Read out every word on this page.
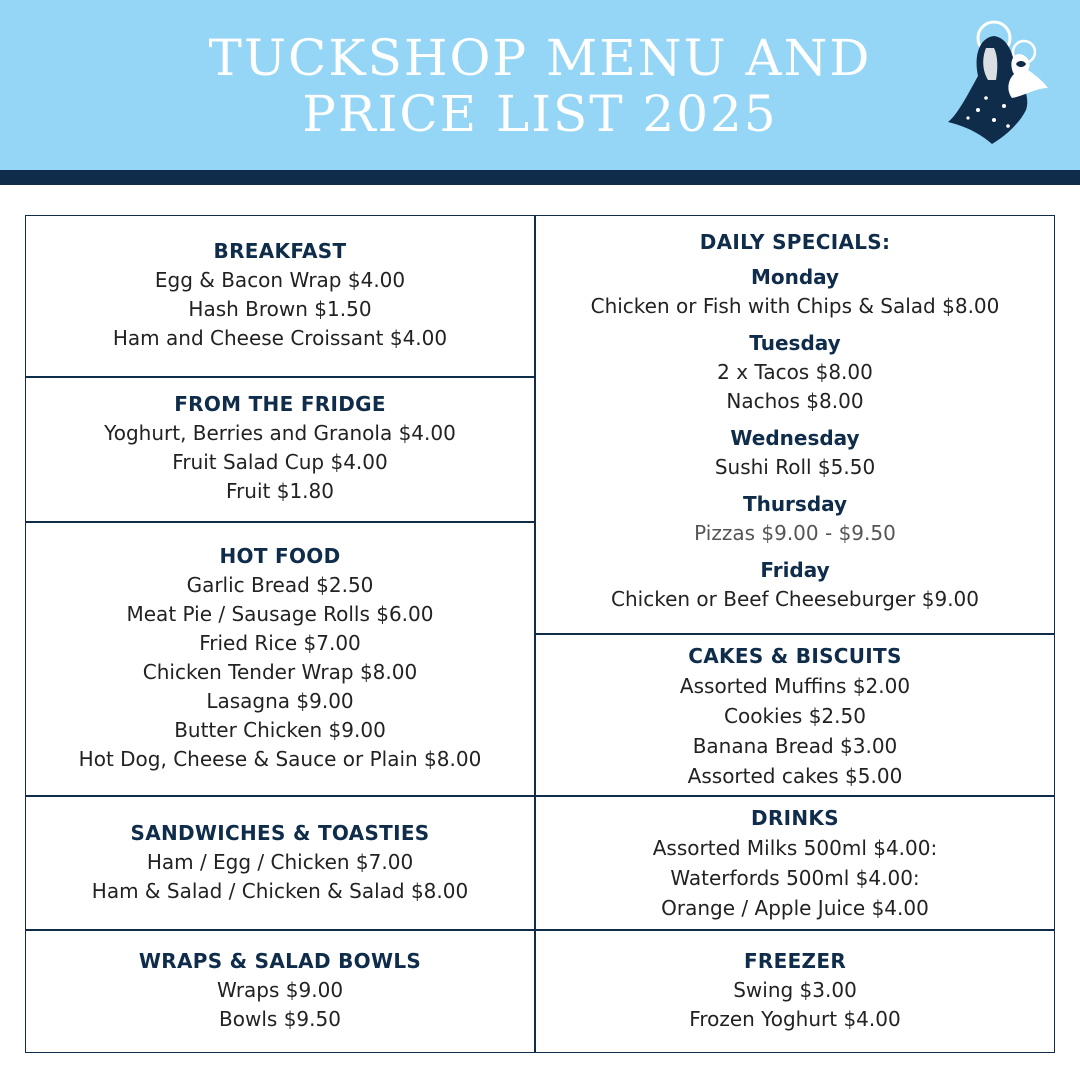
TUCKSHOP MENU AND
PRICE LIST 2025
BREAKFAST
Egg & Bacon Wrap $4.00
Hash Brown $1.50
Ham and Cheese Croissant $4.00
FROM THE FRIDGE
Yoghurt, Berries and Granola $4.00
Fruit Salad Cup $4.00
Fruit $1.80
HOT FOOD
Garlic Bread $2.50
Meat Pie / Sausage Rolls $6.00
Fried Rice $7.00
Chicken Tender Wrap $8.00
Lasagna $9.00
Butter Chicken $9.00
Hot Dog, Cheese & Sauce or Plain $8.00
SANDWICHES & TOASTIES
Ham / Egg / Chicken $7.00
Ham & Salad / Chicken & Salad $8.00
WRAPS & SALAD BOWLS
Wraps $9.00
Bowls $9.50
DAILY SPECIALS:
Monday
Chicken or Fish with Chips & Salad $8.00
Tuesday
2 x Tacos $8.00
Nachos $8.00
Wednesday
Sushi Roll $5.50
Thursday
Pizzas $9.00 - $9.50
Friday
Chicken or Beef Cheeseburger $9.00
CAKES & BISCUITS
Assorted Muffins $2.00
Cookies $2.50
Banana Bread $3.00
Assorted cakes $5.00
DRINKS
Assorted Milks 500ml $4.00:
Waterfords 500ml $4.00:
Orange / Apple Juice $4.00
FREEZER
Swing $3.00
Frozen Yoghurt $4.00
